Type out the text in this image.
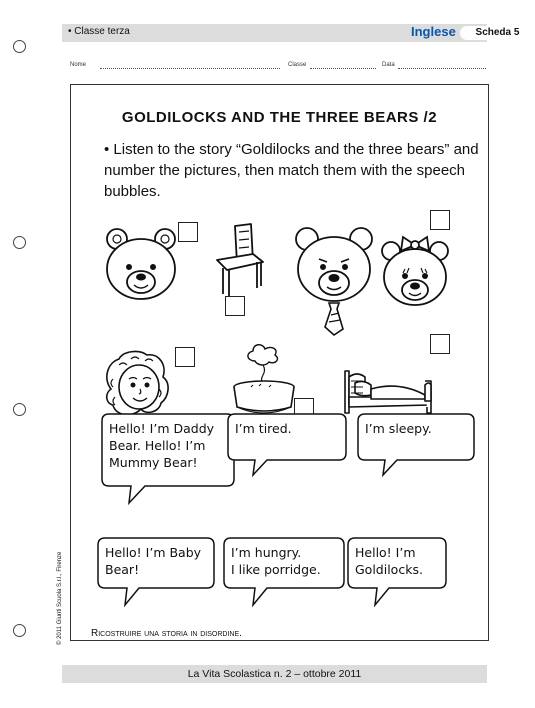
• Classe terza	Inglese	Scheda 5
Nome	Classe	Data
GOLDILOCKS AND THE THREE BEARS /2
• Listen to the story “Goldilocks and the three bears” and number the pictures, then match them with the speech bubbles.
Hello! I’m Daddy
Bear. Hello! I’m
Mummy Bear!
I’m tired.	I’m sleepy.
Hello! I’m Baby
Bear!
I’m hungry.
I like porridge.
Hello! I’m
Goldilocks.
Ricostruire una storia in disordine.
© 2011 Giunti Scuola S.r.l., Firenze
La Vita Scolastica n. 2 – ottobre 2011
